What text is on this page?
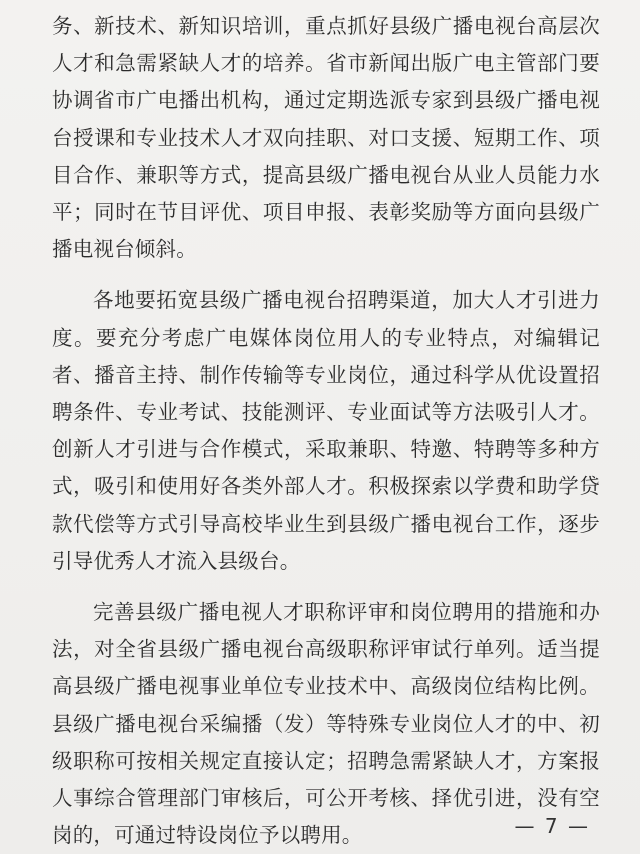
务、新技术、新知识培训，重点抓好县级广播电视台高层次人才和急需紧缺人才的培养。省市新闻出版广电主管部门要协调省市广电播出机构，通过定期选派专家到县级广播电视台授课和专业技术人才双向挂职、对口支援、短期工作、项目合作、兼职等方式，提高县级广播电视台从业人员能力水平；同时在节目评优、项目申报、表彰奖励等方面向县级广播电视台倾斜。

各地要拓宽县级广播电视台招聘渠道，加大人才引进力度。要充分考虑广电媒体岗位用人的专业特点，对编辑记者、播音主持、制作传输等专业岗位，通过科学从优设置招聘条件、专业考试、技能测评、专业面试等方法吸引人才。创新人才引进与合作模式，采取兼职、特邀、特聘等多种方式，吸引和使用好各类外部人才。积极探索以学费和助学贷款代偿等方式引导高校毕业生到县级广播电视台工作，逐步引导优秀人才流入县级台。

完善县级广播电视人才职称评审和岗位聘用的措施和办法，对全省县级广播电视台高级职称评审试行单列。适当提高县级广播电视事业单位专业技术中、高级岗位结构比例。县级广播电视台采编播（发）等特殊专业岗位人才的中、初级职称可按相关规定直接认定；招聘急需紧缺人才，方案报人事综合管理部门审核后，可公开考核、择优引进，没有空岗的，可通过特设岗位予以聘用。	— 7 —
